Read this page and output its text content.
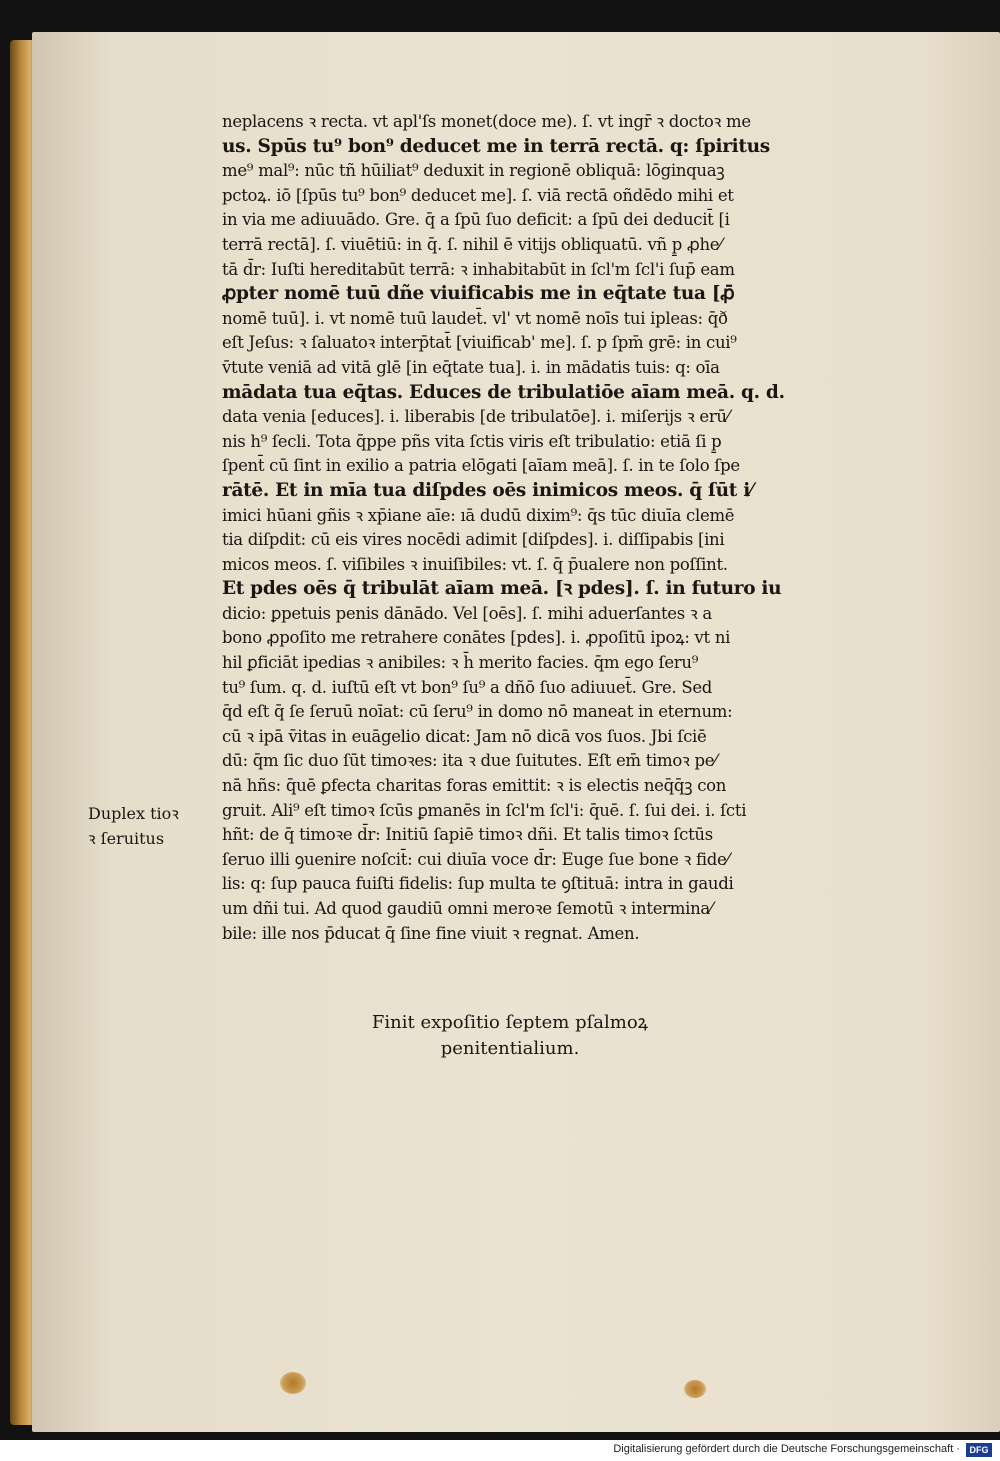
neplacens ꝛ recta. vt apl'ſs monet(doce me). ſ. vt ingr̄ ꝛ doctoꝛ me
us. Spūs tu⁹ bon⁹ deducet me in terrā rectā. q: ſpiritus
me⁹ mal⁹: nūc tñ hūiliat⁹ deduxit in regionē obliquā: lōginquaꝫ
pctoꝝ. iō [ſpūs tu⁹ bon⁹ deducet me]. ſ. viā rectā oñdēdo mihi et
in via me adiuuādo. Gre. q̄ a ſpū ſuo deficit: a ſpū dei deducit̄ [i
terrā rectā]. ſ. viuētiū: in q̄. ſ. nihil ē vitijs obliquatū. vñ p̱ ꝓhe⁄
tā d̄r: Iuſti hereditabūt terrā: ꝛ inhabitabūt in ſcl'm ſcl'i ſup̄ eam
ꝓpter nomē tuū dñe viuificabis me in eq̄tate tua [ꝓ̄
nomē tuū]. i. vt nomē tuū laudet̄. vl' vt nomē noīs tui ipleas: q̄ð
eſt Jeſus: ꝛ ſaluatoꝛ interp̄tat̄ [viuificab' me]. ſ. p ſpm̄ grē: in cui⁹
v̄tute veniā ad vitā glē [in eq̄tate tua]. i. in mādatis tuis: q: oīa
mādata tua eq̄tas. Educes de tribulatiōe aīam meā. q. d.
data venia [educes]. i. liberabis [de tribulatōe]. i. miſerijs ꝛ erū⁄
nis h⁹ ſecli. Tota q̄ppe pñs vita ſctis viris eſt tribulatio: etiā ſi p̱
ſpent̄ cū ſint in exilio a patria elōgati [aīam meā]. ſ. in te ſolo ſpe
rātē. Et in mīa tua diſpdes oēs inimicos meos. q̄ ſūt i⁄
imici hūani gñis ꝛ xp̄iane aīe: ıā dudū dixim⁹: q̄s tūc diuīa clemē
tia diſpdit: cū eis vires nocēdi adimit [diſpdes]. i. diſſipabis [ini
micos meos. ſ. viſibiles ꝛ inuiſibiles: vt. ſ. q̄ p̄ualere non poſſint.
Et pdes oēs q̄ tribulāt aīam meā. [ꝛ pdes]. ſ. in futuro iu
dicio: ꝑpetuis penis dānādo. Vel [oēs]. ſ. mihi aduerſantes ꝛ a
bono ꝓpoſito me retrahere conātes [pdes]. i. ꝓpoſitū ipoꝝ: vt ni
hil ꝑficiāt ipedias ꝛ anibiles: ꝛ h̄ merito facies. q̄m ego ſeru⁹
tu⁹ ſum. q. d. iuſtū eſt vt bon⁹ ſu⁹ a dñō ſuo adiuuet̄. Gre. Sed
q̄d eſt q̄ ſe ſeruū noīat: cū ſeru⁹ in domo nō maneat in eternum:
cū ꝛ ipā v̄itas in euāgelio dicat: Jam nō dicā vos ſuos. Jbi ſciē
dū: q̄m ſic duo ſūt timoꝛes: ita ꝛ due ſuitutes. Eſt em̄ timoꝛ pe⁄
nā hñs: q̄uē ꝑfecta charitas foras emittit: ꝛ is electis neq̄q̄ꝫ con
gruit. Ali⁹ eſt timoꝛ ſcūs ꝑmanēs in ſcl'm ſcl'i: q̄uē. ſ. ſui dei. i. ſcti
hñt: de q̄ timoꝛe d̄r: Initiū ſapiē timoꝛ dñi. Et talis timoꝛ ſctūs
ſeruo illi ꝯuenire noſcit̄: cui diuīa voce d̄r: Euge ſue bone ꝛ fide⁄
lis: q: ſup pauca fuiſti fidelis: ſup multa te ꝯſtituā: intra in gaudi
um dñi tui. Ad quod gaudiū omni meroꝛe ſemotū ꝛ intermina⁄
bile: ille nos p̄ducat q̄ ſine fine viuit ꝛ regnat. Amen.
Duplex tioꝛ
ꝛ ſeruitus
Finit expoſitio ſeptem pſalmoꝝ
penitentialium.
Digitalisierung gefördert durch die Deutsche Forschungsgemeinschaft ·	DFG
